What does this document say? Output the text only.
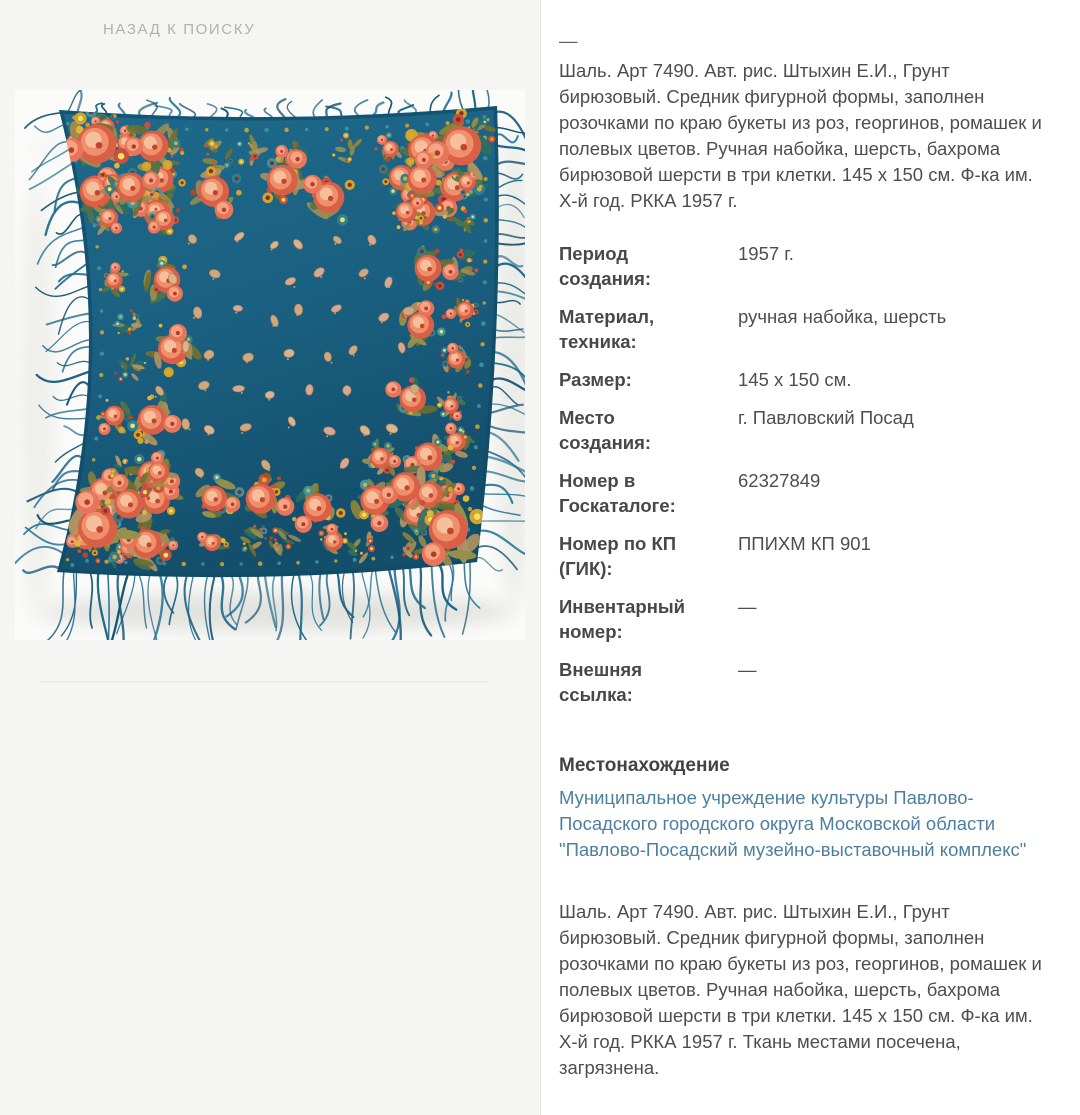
НАЗАД К ПОИСКУ

—

Шаль. Арт 7490. Авт. рис. Штыхин Е.И., Грунт бирюзовый. Средник фигурной формы, заполнен розочками по краю букеты из роз, георгинов, ромашек и полевых цветов. Ручная набойка, шерсть, бахрома бирюзовой шерсти в три клетки. 145 х 150 см. Ф-ка им. Х-й год. РККА 1957 г.

Период создания:
1957 г.
Материал, техника:
ручная набойка, шерсть
Размер:	145 х 150 см.
Место создания:
г. Павловский Посад
Номер в Госкаталоге:
62327849
Номер по КП (ГИК):
ППИХМ КП 901
Инвентарный номер:
—
Внешняя ссылка:
—
Местонахождение
Муниципальное учреждение культуры Павлово-Посадского городского округа Московской области "Павлово-Посадский музейно-выставочный комплекс"

Шаль. Арт 7490. Авт. рис. Штыхин Е.И., Грунт бирюзовый. Средник фигурной формы, заполнен розочками по краю букеты из роз, георгинов, ромашек и полевых цветов. Ручная набойка, шерсть, бахрома бирюзовой шерсти в три клетки. 145 х 150 см. Ф-ка им. Х-й год. РККА 1957 г. Ткань местами посечена, загрязнена.
